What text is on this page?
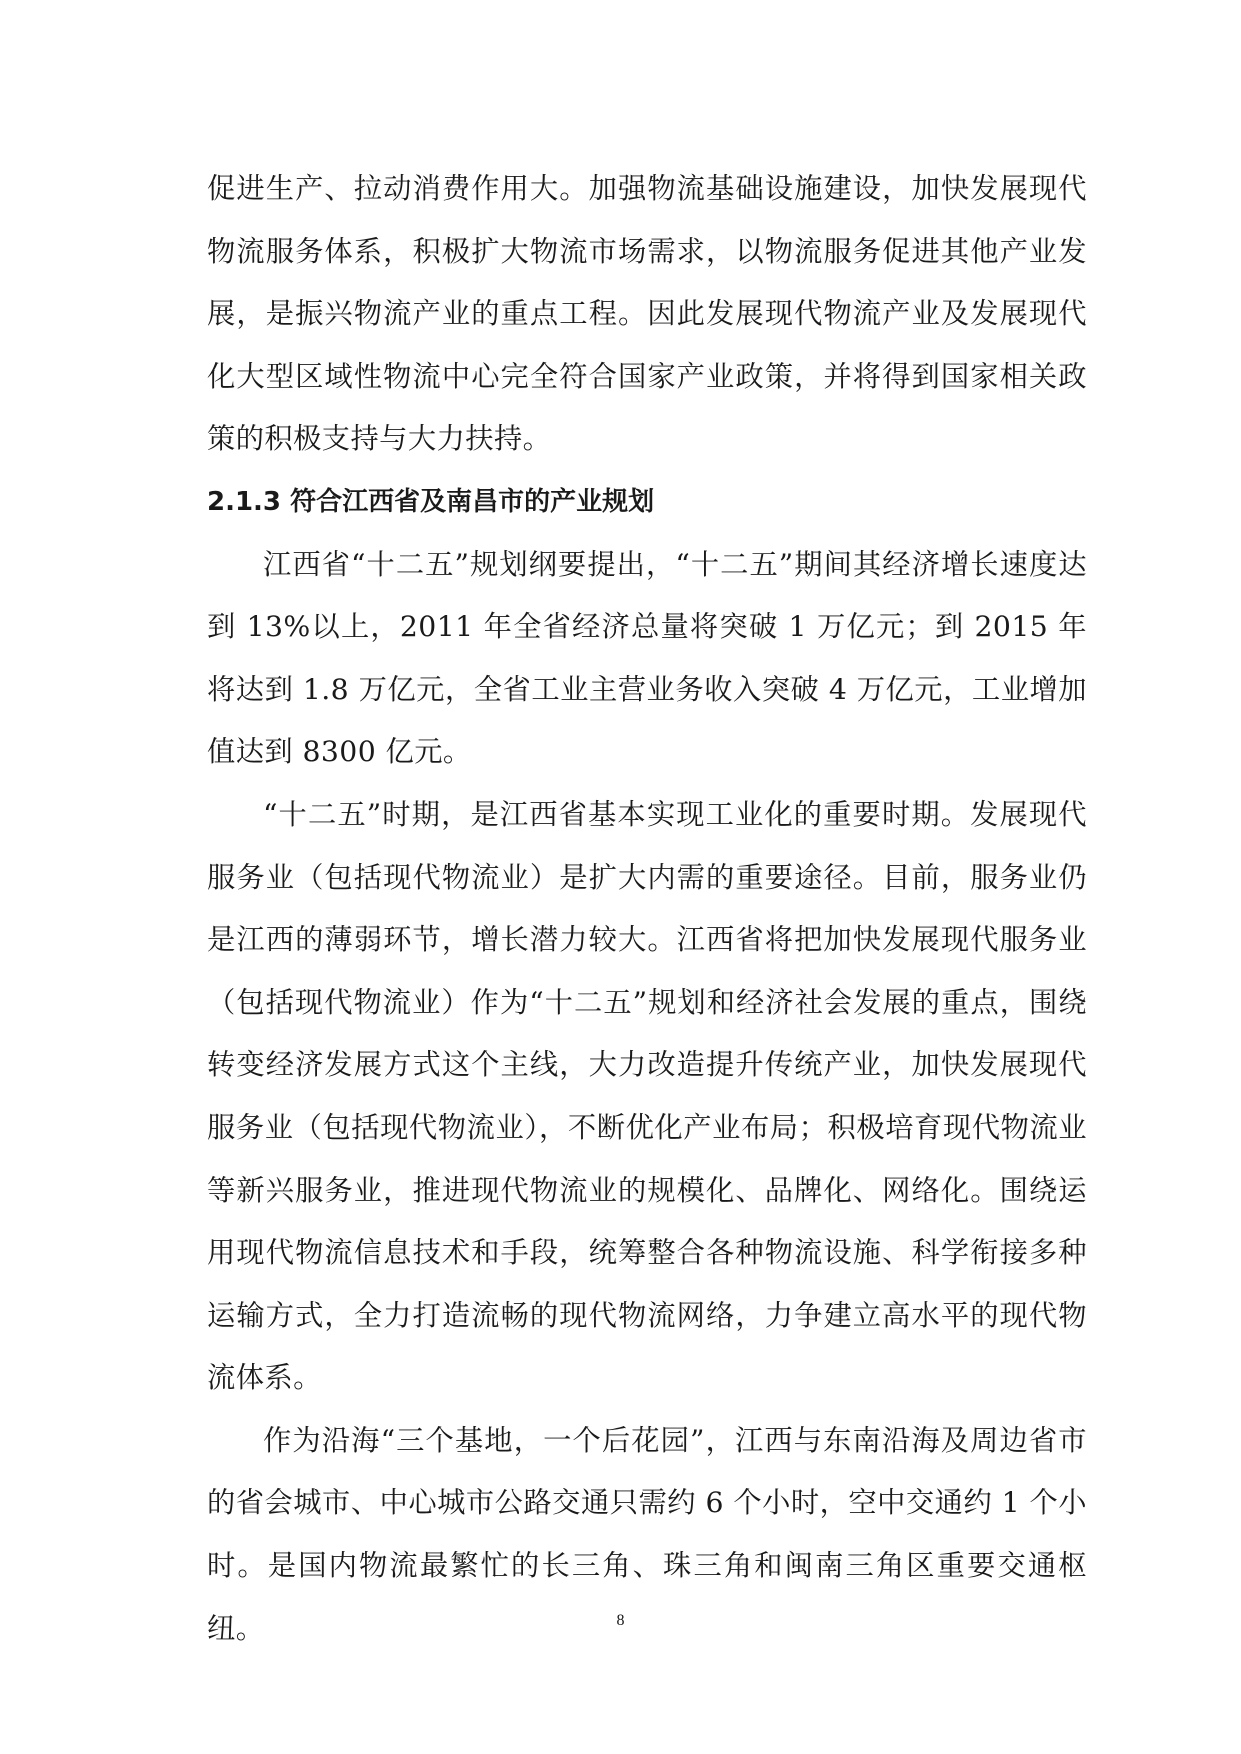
促进生产、拉动消费作用大。加强物流基础设施建设，加快发展现代物流服务体系，积极扩大物流市场需求，以物流服务促进其他产业发展，是振兴物流产业的重点工程。因此发展现代物流产业及发展现代化大型区域性物流中心完全符合国家产业政策，并将得到国家相关政策的积极支持与大力扶持。

2.1.3 符合江西省及南昌市的产业规划

江西省“十二五”规划纲要提出，“十二五”期间其经济增长速度达到 13%以上，2011 年全省经济总量将突破 1 万亿元；到 2015 年将达到 1.8 万亿元，全省工业主营业务收入突破 4 万亿元，工业增加值达到 8300 亿元。

“十二五”时期，是江西省基本实现工业化的重要时期。发展现代服务业（包括现代物流业）是扩大内需的重要途径。目前，服务业仍是江西的薄弱环节，增长潜力较大。江西省将把加快发展现代服务业（包括现代物流业）作为“十二五”规划和经济社会发展的重点，围绕转变经济发展方式这个主线，大力改造提升传统产业，加快发展现代服务业（包括现代物流业），不断优化产业布局；积极培育现代物流业等新兴服务业，推进现代物流业的规模化、品牌化、网络化。围绕运用现代物流信息技术和手段，统筹整合各种物流设施、科学衔接多种运输方式，全力打造流畅的现代物流网络，力争建立高水平的现代物流体系。

作为沿海“三个基地，一个后花园”，江西与东南沿海及周边省市的省会城市、中心城市公路交通只需约 6 个小时，空中交通约 1 个小时。是国内物流最繁忙的长三角、珠三角和闽南三角区重要交通枢纽。	8
